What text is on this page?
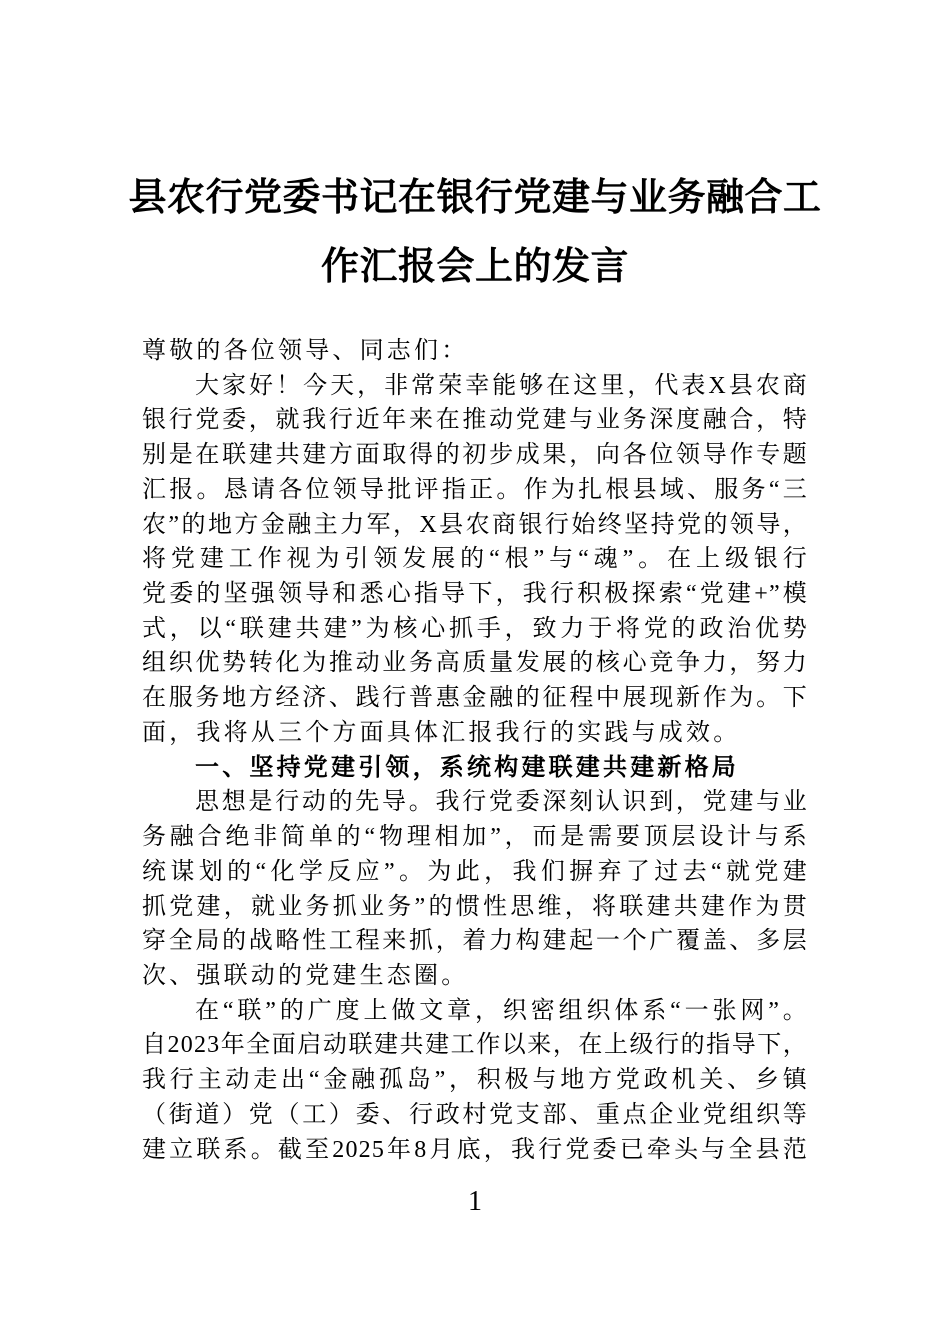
县农行党委书记在银行党建与业务融合工
作汇报会上的发言
尊敬的各位领导、同志们：
大家好！今天，非常荣幸能够在这里，代表X县农商
银行党委，就我行近年来在推动党建与业务深度融合，特
别是在联建共建方面取得的初步成果，向各位领导作专题
汇报。恳请各位领导批评指正。作为扎根县域、服务“三
农”的地方金融主力军，X县农商银行始终坚持党的领导，
将党建工作视为引领发展的“根”与“魂”。在上级银行
党委的坚强领导和悉心指导下，我行积极探索“党建+”模
式，以“联建共建”为核心抓手，致力于将党的政治优势
组织优势转化为推动业务高质量发展的核心竞争力，努力
在服务地方经济、践行普惠金融的征程中展现新作为。下
面，我将从三个方面具体汇报我行的实践与成效。
一、坚持党建引领，系统构建联建共建新格局
思想是行动的先导。我行党委深刻认识到，党建与业
务融合绝非简单的“物理相加”，而是需要顶层设计与系
统谋划的“化学反应”。为此，我们摒弃了过去“就党建
抓党建，就业务抓业务”的惯性思维，将联建共建作为贯
穿全局的战略性工程来抓，着力构建起一个广覆盖、多层
次、强联动的党建生态圈。
在“联”的广度上做文章，织密组织体系“一张网”。
自2023年全面启动联建共建工作以来，在上级行的指导下，
我行主动走出“金融孤岛”，积极与地方党政机关、乡镇
（街道）党（工）委、行政村党支部、重点企业党组织等
建立联系。截至2025年8月底，我行党委已牵头与全县范
1
